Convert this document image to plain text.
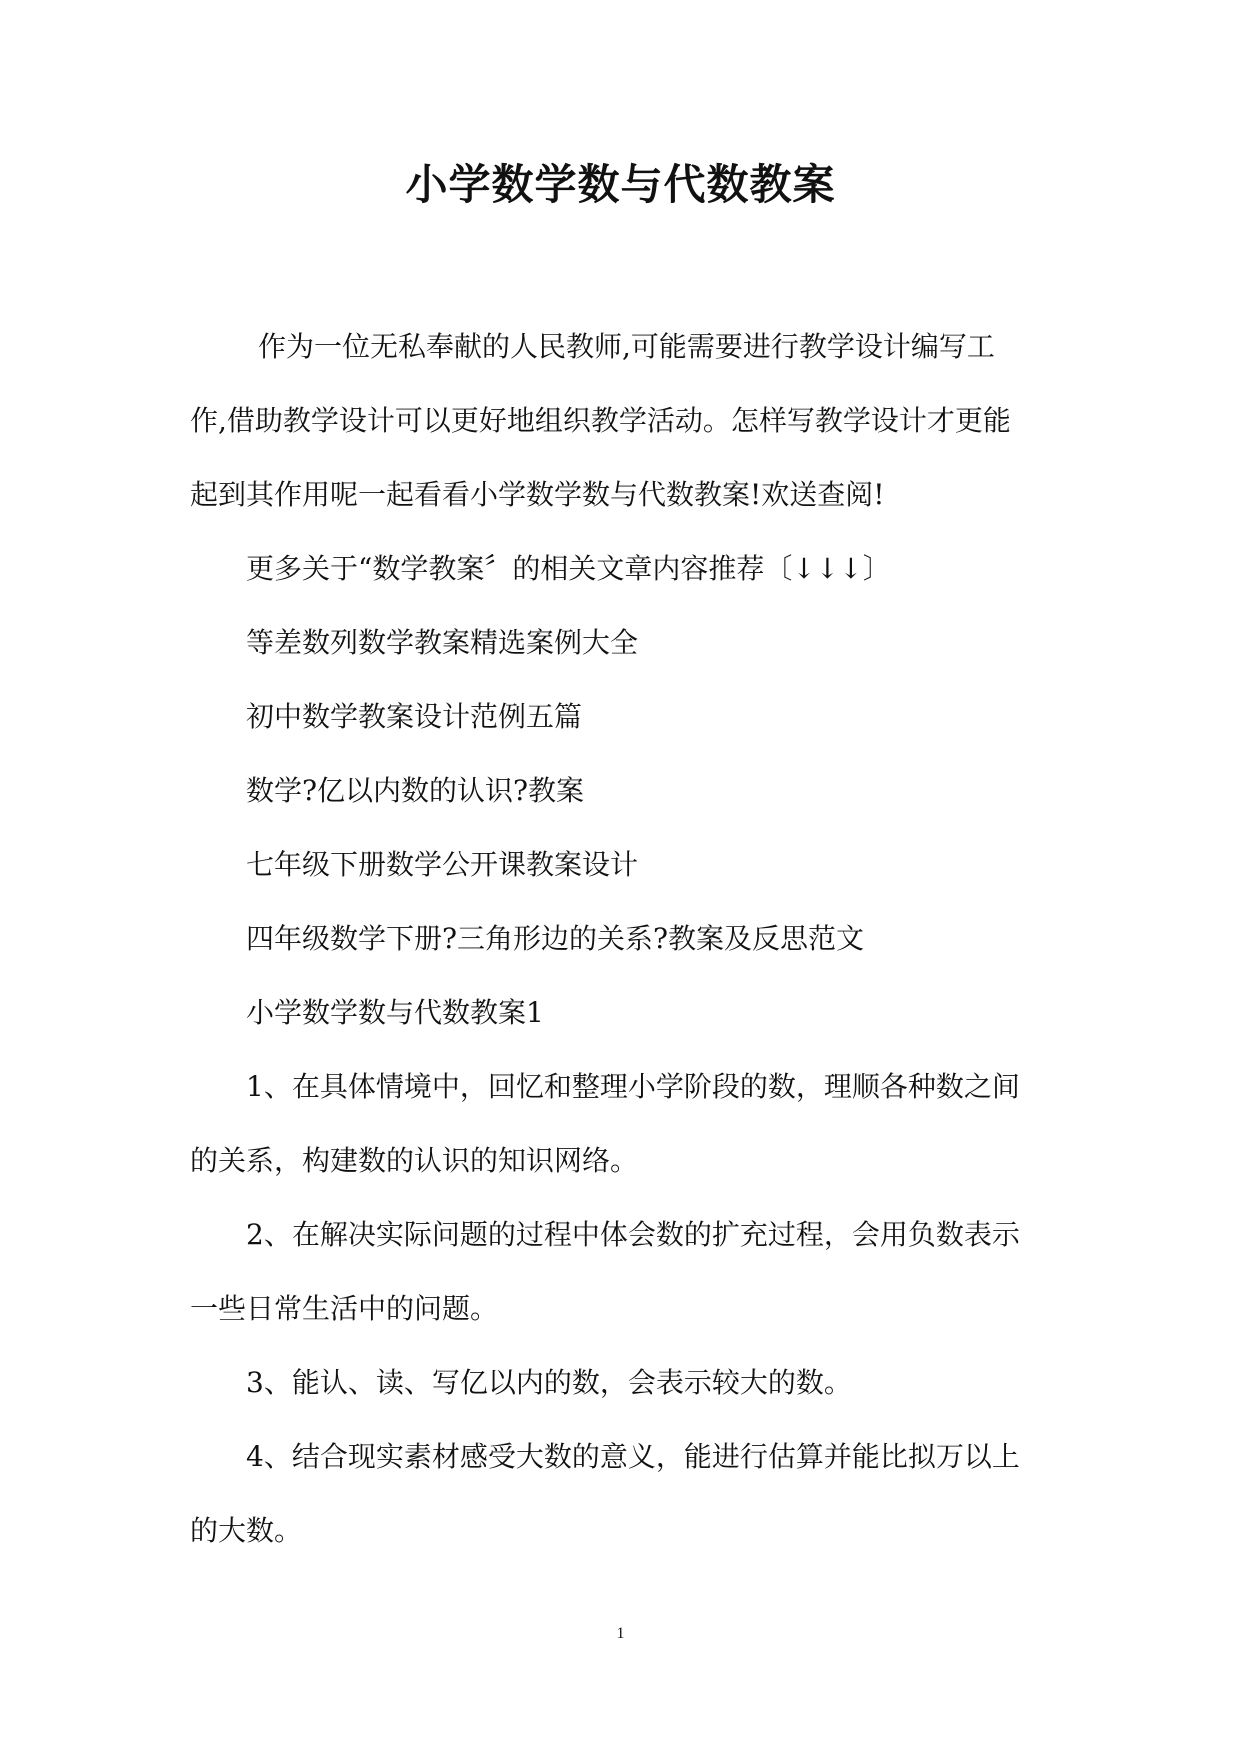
小学数学数与代数教案
作为一位无私奉献的人民教师,可能需要进行教学设计编写工
作,借助教学设计可以更好地组织教学活动。怎样写教学设计才更能
起到其作用呢一起看看小学数学数与代数教案!欢送查阅!
更多关于“数学教案〞的相关文章内容推荐〔↓↓↓〕
等差数列数学教案精选案例大全
初中数学教案设计范例五篇
数学?亿以内数的认识?教案
七年级下册数学公开课教案设计
四年级数学下册?三角形边的关系?教案及反思范文
小学数学数与代数教案1
1、在具体情境中，回忆和整理小学阶段的数，理顺各种数之间
的关系，构建数的认识的知识网络。
2、在解决实际问题的过程中体会数的扩充过程，会用负数表示
一些日常生活中的问题。
3、能认、读、写亿以内的数，会表示较大的数。
4、结合现实素材感受大数的意义，能进行估算并能比拟万以上
的大数。
1
